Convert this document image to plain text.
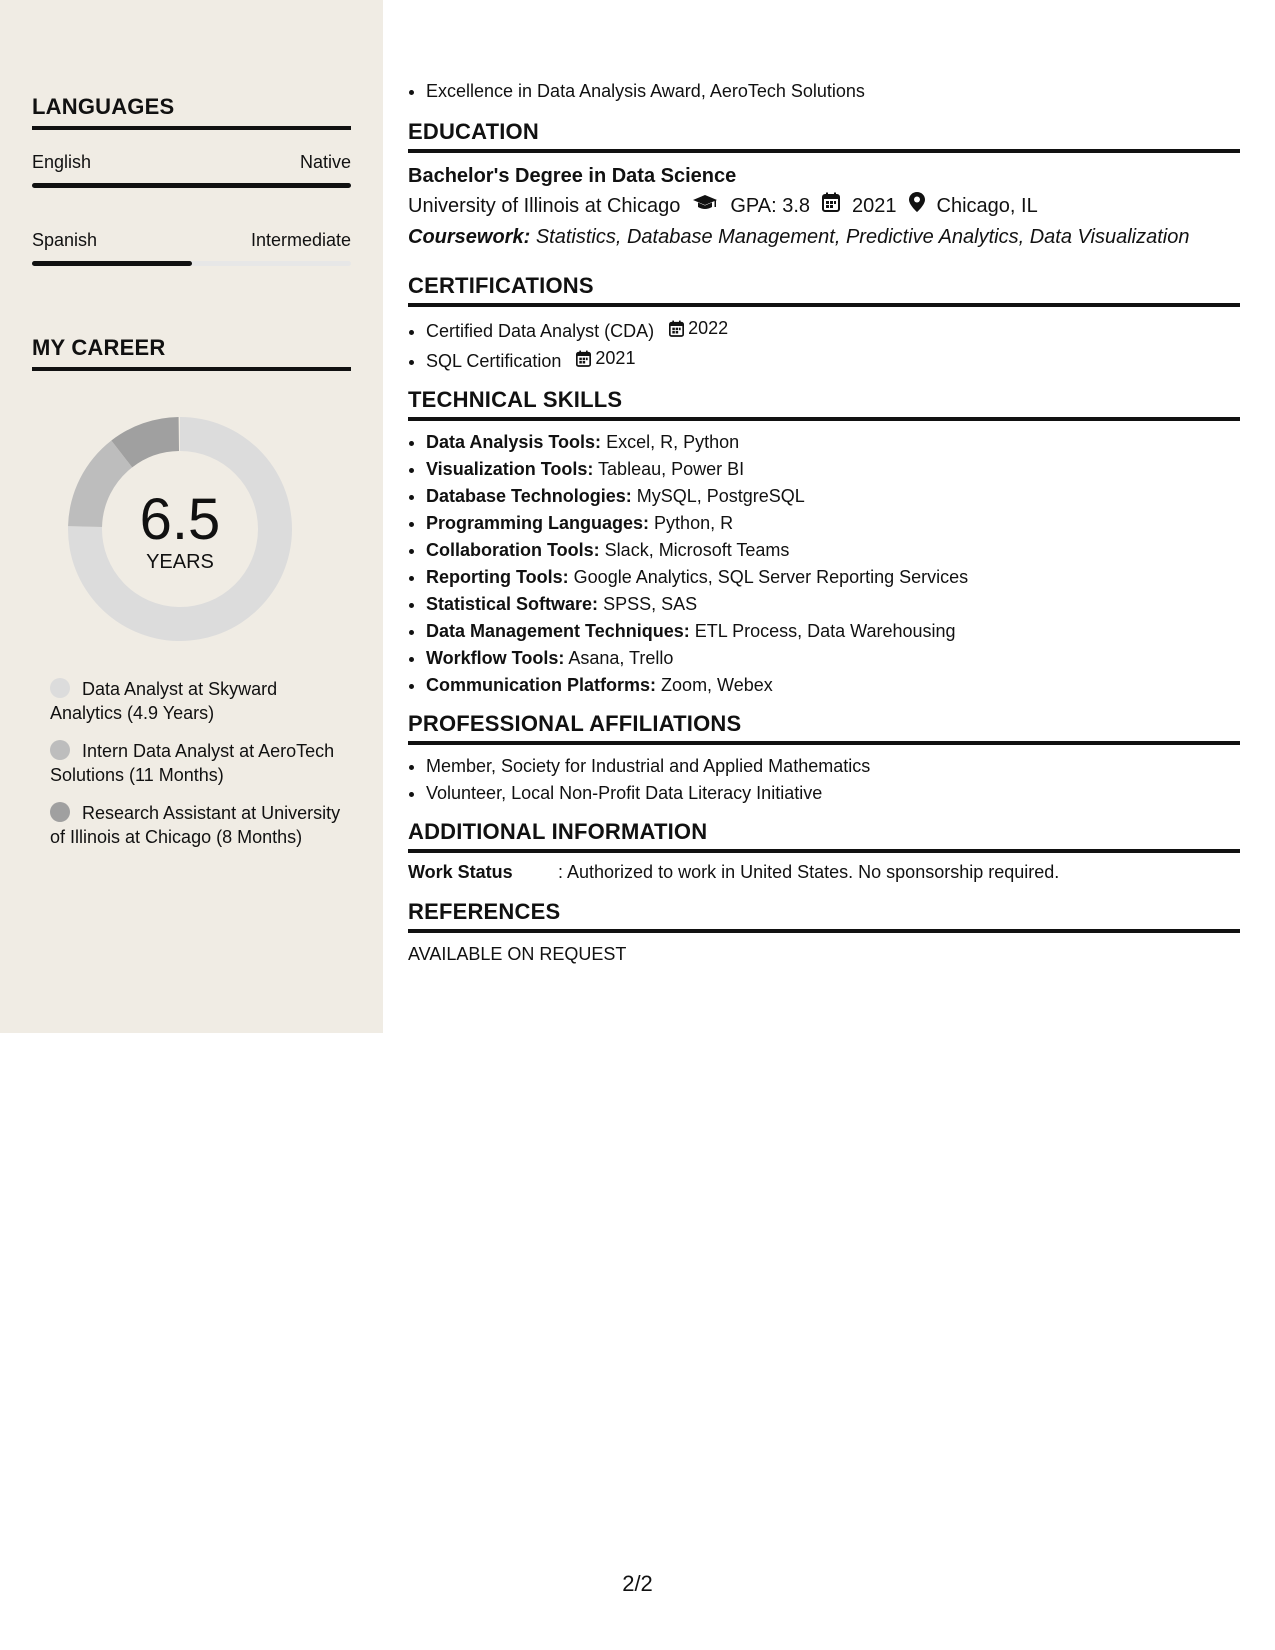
LANGUAGES
English	Native
Spanish	Intermediate
MY CAREER
6.5
YEARS
Data Analyst at Skyward Analytics (4.9 Years)
Intern Data Analyst at AeroTech Solutions (11 Months)
Research Assistant at University of Illinois at Chicago (8 Months)
• Excellence in Data Analysis Award, AeroTech Solutions
EDUCATION
Bachelor's Degree in Data Science
University of Illinois at Chicago	GPA: 3.8 2021 Chicago, IL
Coursework: Statistics, Database Management, Predictive Analytics, Data Visualization
CERTIFICATIONS
• Certified Data Analyst (CDA) 2022
• SQL Certification 2021
TECHNICAL SKILLS
• Data Analysis Tools: Excel, R, Python
• Visualization Tools: Tableau, Power BI
• Database Technologies: MySQL, PostgreSQL
• Programming Languages: Python, R
• Collaboration Tools: Slack, Microsoft Teams
• Reporting Tools: Google Analytics, SQL Server Reporting Services
• Statistical Software: SPSS, SAS
• Data Management Techniques: ETL Process, Data Warehousing
• Workflow Tools: Asana, Trello
• Communication Platforms: Zoom, Webex
PROFESSIONAL AFFILIATIONS
• Member, Society for Industrial and Applied Mathematics
• Volunteer, Local Non-Profit Data Literacy Initiative
ADDITIONAL INFORMATION
Work Status	: Authorized to work in United States. No sponsorship required.
REFERENCES
AVAILABLE ON REQUEST
2/2
